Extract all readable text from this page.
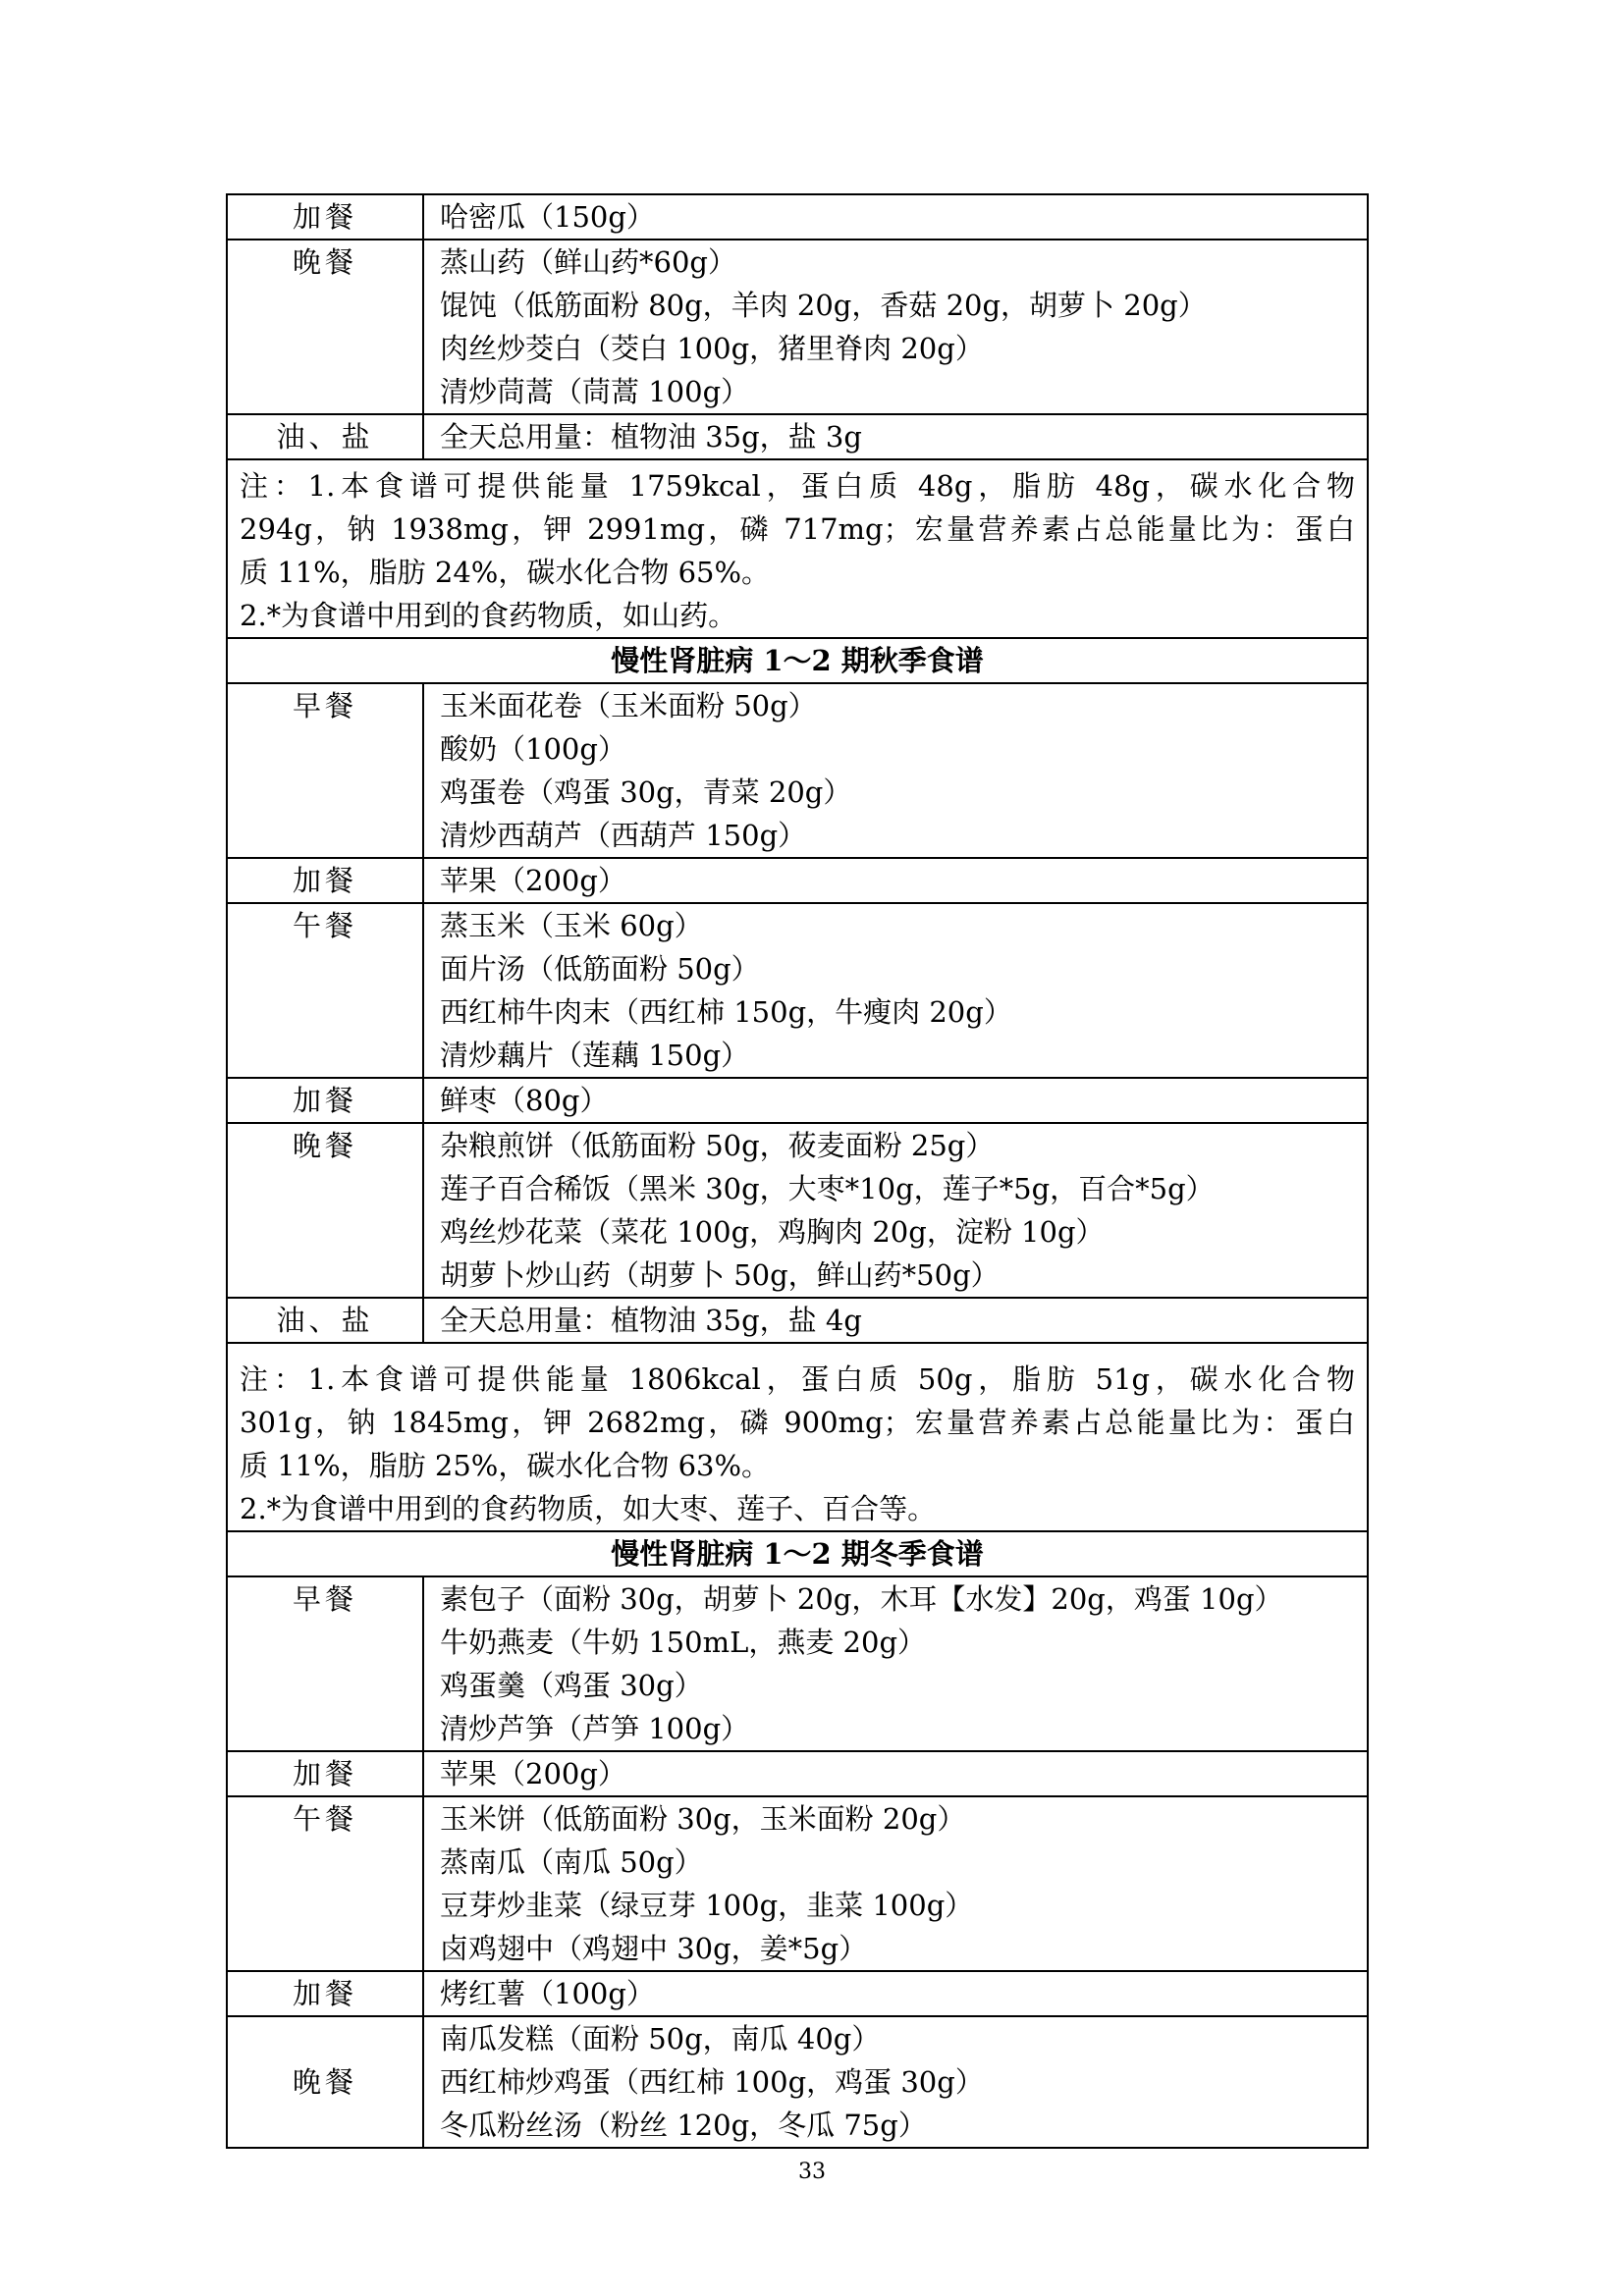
加餐	哈密瓜（150g）

晚餐	蒸山药（鲜山药*60g）
馄饨（低筋面粉 80g，羊肉 20g，香菇 20g，胡萝卜 20g）
肉丝炒茭白（茭白 100g，猪里脊肉 20g）
清炒茼蒿（茼蒿 100g）

油、盐	全天总用量：植物油 35g，盐 3g

注：1.本食谱可提供能量 1759kcal，蛋白质 48g，脂肪 48g，碳水化合物
294g，钠 1938mg，钾 2991mg，磷 717mg；宏量营养素占总能量比为：蛋白
质 11%，脂肪 24%，碳水化合物 65%。
2.*为食谱中用到的食药物质，如山药。	

慢性肾脏病 1～2 期秋季食谱	
早餐	玉米面花卷（玉米面粉 50g）
酸奶（100g）
鸡蛋卷（鸡蛋 30g，青菜 20g）
清炒西葫芦（西葫芦 150g）

加餐	苹果（200g）

午餐	蒸玉米（玉米 60g）
面片汤（低筋面粉 50g）
西红柿牛肉末（西红柿 150g，牛瘦肉 20g）
清炒藕片（莲藕 150g）

加餐	鲜枣（80g）

晚餐	杂粮煎饼（低筋面粉 50g，莜麦面粉 25g）
莲子百合稀饭（黑米 30g，大枣*10g，莲子*5g，百合*5g）
鸡丝炒花菜（菜花 100g，鸡胸肉 20g，淀粉 10g）
胡萝卜炒山药（胡萝卜 50g，鲜山药*50g）

油、盐	全天总用量：植物油 35g，盐 4g

注：1.本食谱可提供能量 1806kcal，蛋白质 50g，脂肪 51g，碳水化合物
301g，钠 1845mg，钾 2682mg，磷 900mg；宏量营养素占总能量比为：蛋白
质 11%，脂肪 25%，碳水化合物 63%。
2.*为食谱中用到的食药物质，如大枣、莲子、百合等。	

慢性肾脏病 1～2 期冬季食谱	
早餐	素包子（面粉 30g，胡萝卜 20g，木耳【水发】20g，鸡蛋 10g）
牛奶燕麦（牛奶 150mL，燕麦 20g）
鸡蛋羹（鸡蛋 30g）
清炒芦笋（芦笋 100g）

加餐	苹果（200g）

午餐	玉米饼（低筋面粉 30g，玉米面粉 20g）
蒸南瓜（南瓜 50g）
豆芽炒韭菜（绿豆芽 100g，韭菜 100g）
卤鸡翅中（鸡翅中 30g，姜*5g）

加餐	烤红薯（100g）

晚餐	南瓜发糕（面粉 50g，南瓜 40g）
西红柿炒鸡蛋（西红柿 100g，鸡蛋 30g）
冬瓜粉丝汤（粉丝 120g，冬瓜 75g）
33
